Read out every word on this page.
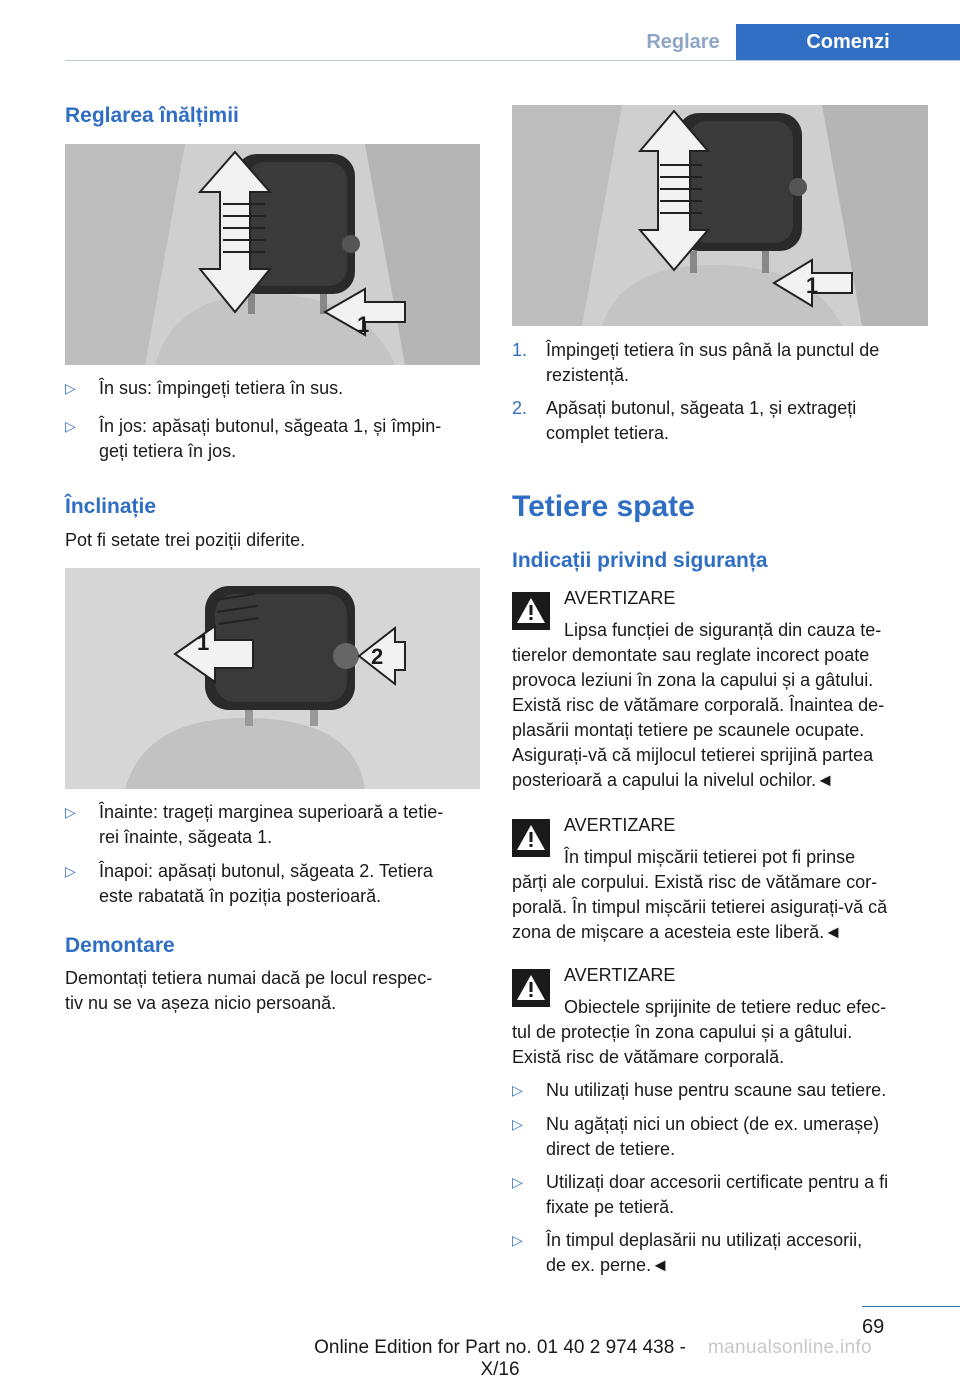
Reglare	Comenzi
Reglarea înălțimii
1
▷ În sus: împingeți tetiera în sus.
▷ În jos: apăsați butonul, săgeata 1, și împin‐
geți tetiera în jos.
Înclinație

Pot fi setate trei poziții diferite.

1
2
▷ Înainte: trageți marginea superioară a tetie‐
rei înainte, săgeata 1.
▷ Înapoi: apăsați butonul, săgeata 2. Tetiera
este rabatată în poziția posterioară.
Demontare

Demontați tetiera numai dacă pe locul respec‐
tiv nu se va așeza nicio persoană.

1
1. Împingeți tetiera în sus până la punctul de
rezistență.
2. Apăsați butonul, săgeata 1, și extrageți
complet tetiera.
Tetiere spate
Indicații privind siguranța
AVERTIZARE
Lipsa funcției de siguranță din cauza te‐
tierelor demontate sau reglate incorect poate
provoca leziuni în zona la capului și a gâtului.
Există risc de vătămare corporală. Înaintea de‐
plasării montați tetiere pe scaunele ocupate.
Asigurați-vă că mijlocul tetierei sprijină partea
posterioară a capului la nivelul ochilor.◄
AVERTIZARE
În timpul mișcării tetierei pot fi prinse
părți ale corpului. Există risc de vătămare cor‐
porală. În timpul mișcării tetierei asigurați-vă că
zona de mișcare a acesteia este liberă.◄
AVERTIZARE
Obiectele sprijinite de tetiere reduc efec‐
tul de protecție în zona capului și a gâtului.
Există risc de vătămare corporală.
▷ Nu utilizați huse pentru scaune sau tetiere.
▷ Nu agățați nici un obiect (de ex. umerașe)
direct de tetiere.
▷ Utilizați doar accesorii certificate pentru a fi
fixate pe tetieră.
▷ În timpul deplasării nu utilizați accesorii,
de ex. perne.◄
69
Online Edition for Part no. 01 40 2 974 438 - X/16
manualsonline.info
